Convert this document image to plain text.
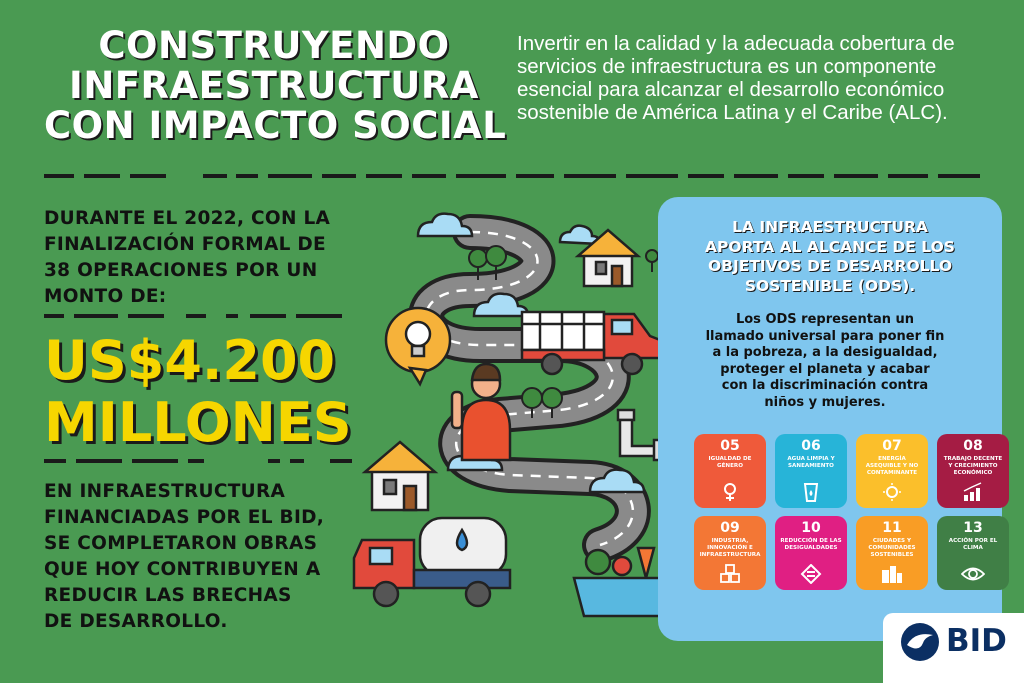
CONSTRUYENDO
INFRAESTRUCTURA
CON IMPACTO SOCIAL
Invertir en la calidad y la adecuada cobertura de servicios de infraestructura es un componente esencial para alcanzar el desarrollo económico sostenible de América Latina y el Caribe (ALC).
DURANTE EL 2022, CON LA
FINALIZACIÓN FORMAL DE
38 OPERACIONES POR UN
MONTO DE:
US$4.200
MILLONES
EN INFRAESTRUCTURA
FINANCIADAS POR EL BID,
SE COMPLETARON OBRAS
QUE HOY CONTRIBUYEN A
REDUCIR LAS BRECHAS
DE DESARROLLO.
LA INFRAESTRUCTURA
APORTA AL ALCANCE DE LOS
OBJETIVOS DE DESARROLLO
SOSTENIBLE (ODS).
Los ODS representan un
llamado universal para poner fin
a la pobreza, a la desigualdad,
proteger el planeta y acabar
con la discriminación contra
niños y mujeres.
05
IGUALDAD DE GÉNERO
06
AGUA LIMPIA Y SANEAMIENTO
07
ENERGÍA ASEQUIBLE Y NO CONTAMINANTE
08
TRABAJO DECENTE Y CRECIMIENTO ECONÓMICO
09
INDUSTRIA, INNOVACIÓN E INFRAESTRUCTURA
10
REDUCCIÓN DE LAS DESIGUALDADES
11
CIUDADES Y COMUNIDADES SOSTENIBLES
13
ACCIÓN POR EL CLIMA
BID
